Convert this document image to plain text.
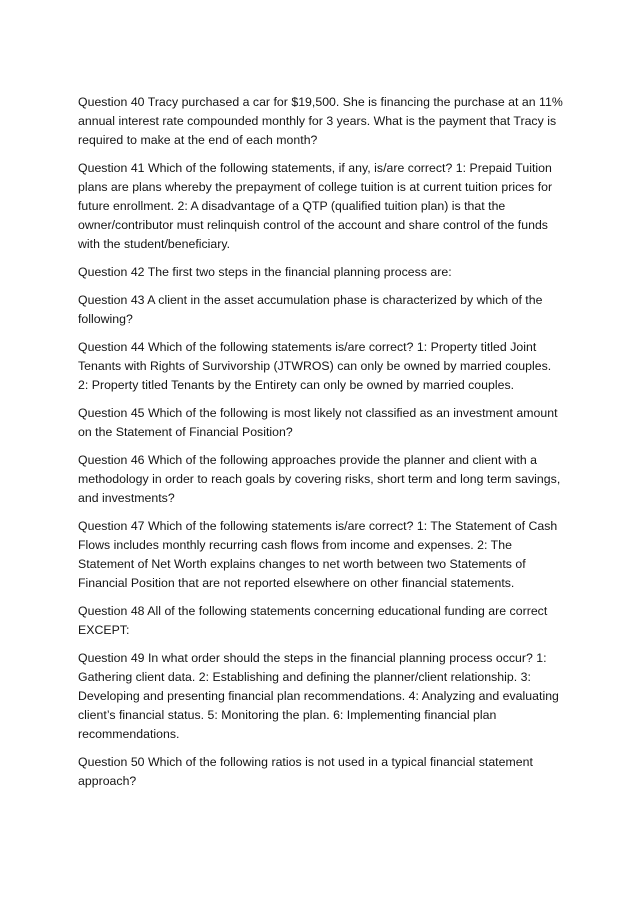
Question 40 Tracy purchased a car for $19,500. She is financing the purchase at an 11%
annual interest rate compounded monthly for 3 years. What is the payment that Tracy is
required to make at the end of each month?

Question 41 Which of the following statements, if any, is/are correct? 1: Prepaid Tuition
plans are plans whereby the prepayment of college tuition is at current tuition prices for
future enrollment. 2: A disadvantage of a QTP (qualified tuition plan) is that the
owner/contributor must relinquish control of the account and share control of the funds
with the student/beneficiary.

Question 42 The first two steps in the financial planning process are:

Question 43 A client in the asset accumulation phase is characterized by which of the
following?

Question 44 Which of the following statements is/are correct? 1: Property titled Joint
Tenants with Rights of Survivorship (JTWROS) can only be owned by married couples.
2: Property titled Tenants by the Entirety can only be owned by married couples.

Question 45 Which of the following is most likely not classified as an investment amount
on the Statement of Financial Position?

Question 46 Which of the following approaches provide the planner and client with a
methodology in order to reach goals by covering risks, short term and long term savings,
and investments?

Question 47 Which of the following statements is/are correct? 1: The Statement of Cash
Flows includes monthly recurring cash flows from income and expenses. 2: The
Statement of Net Worth explains changes to net worth between two Statements of
Financial Position that are not reported elsewhere on other financial statements.

Question 48 All of the following statements concerning educational funding are correct
EXCEPT:

Question 49 In what order should the steps in the financial planning process occur? 1:
Gathering client data. 2: Establishing and defining the planner/client relationship. 3:
Developing and presenting financial plan recommendations. 4: Analyzing and evaluating
client’s financial status. 5: Monitoring the plan. 6: Implementing financial plan
recommendations.

Question 50 Which of the following ratios is not used in a typical financial statement
approach?
